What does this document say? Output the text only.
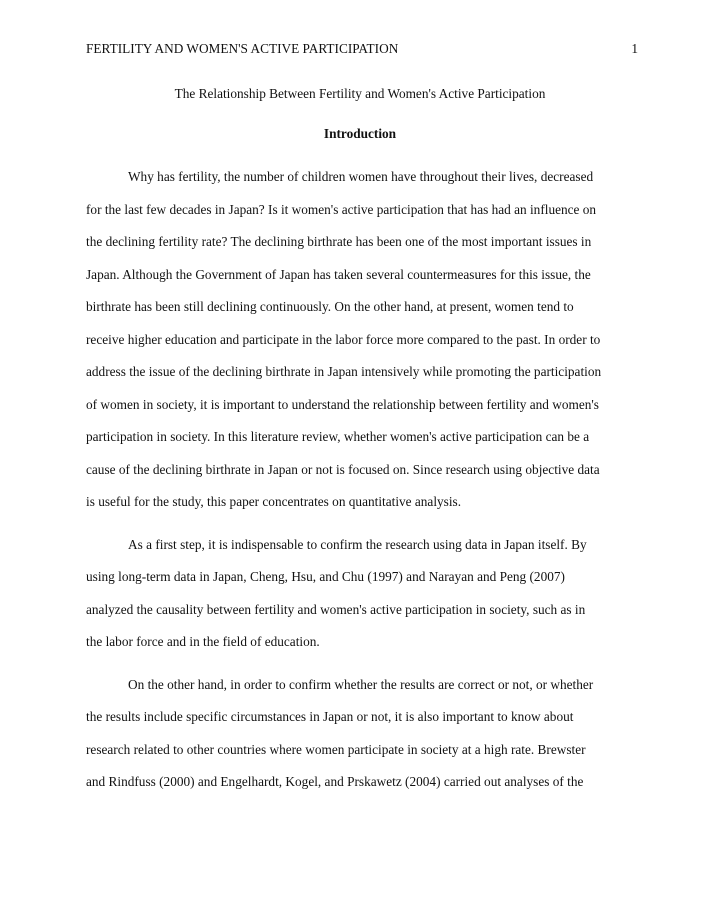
FERTILITY AND WOMEN'S ACTIVE PARTICIPATION	1
The Relationship Between Fertility and Women's Active Participation
Introduction
Why has fertility, the number of children women have throughout their lives, decreased
for the last few decades in Japan? Is it women's active participation that has had an influence on
the declining fertility rate? The declining birthrate has been one of the most important issues in
Japan. Although the Government of Japan has taken several countermeasures for this issue, the
birthrate has been still declining continuously. On the other hand, at present, women tend to
receive higher education and participate in the labor force more compared to the past. In order to
address the issue of the declining birthrate in Japan intensively while promoting the participation
of women in society, it is important to understand the relationship between fertility and women's
participation in society. In this literature review, whether women's active participation can be a
cause of the declining birthrate in Japan or not is focused on. Since research using objective data
is useful for the study, this paper concentrates on quantitative analysis.
As a first step, it is indispensable to confirm the research using data in Japan itself. By
using long-term data in Japan, Cheng, Hsu, and Chu (1997) and Narayan and Peng (2007)
analyzed the causality between fertility and women's active participation in society, such as in
the labor force and in the field of education.
On the other hand, in order to confirm whether the results are correct or not, or whether
the results include specific circumstances in Japan or not, it is also important to know about
research related to other countries where women participate in society at a high rate. Brewster
and Rindfuss (2000) and Engelhardt, Kogel, and Prskawetz (2004) carried out analyses of the
